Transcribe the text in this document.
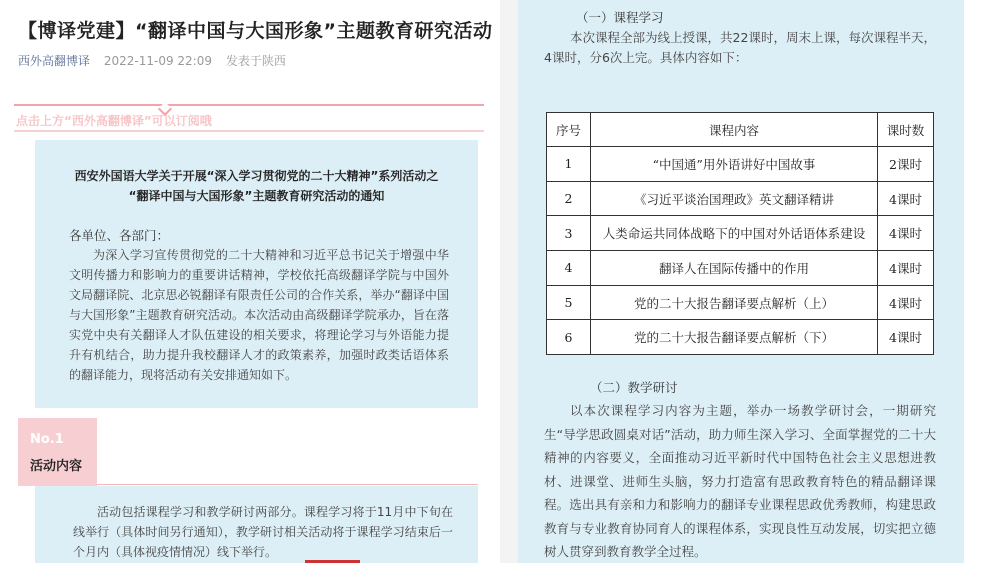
【博译党建】“翻译中国与大国形象”主题教育研究活动
西外高翻博译 2022-11-09 22:09 发表于陕西
点击上方“西外高翻博译”可以订阅哦
西安外国语大学关于开展“深入学习贯彻党的二十大精神”系列活动之
“翻译中国与大国形象”主题教育研究活动的通知
各单位、各部门：
为深入学习宣传贯彻党的二十大精神和习近平总书记关于增强中华文明传播力和影响力的重要讲话精神，学校依托高级翻译学院与中国外文局翻译院、北京思必锐翻译有限责任公司的合作关系，举办“翻译中国与大国形象”主题教育研究活动。本次活动由高级翻译学院承办，旨在落实党中央有关翻译人才队伍建设的相关要求，将理论学习与外语能力提升有机结合，助力提升我校翻译人才的政策素养，加强时政类话语体系的翻译能力，现将活动有关安排通知如下。
No.1
活动内容
活动包括课程学习和教学研讨两部分。课程学习将于11月中下旬在线举行（具体时间另行通知），教学研讨相关活动将于课程学习结束后一个月内（具体视疫情情况）线下举行。
（一）课程学习
本次课程全部为线上授课，共22课时，周末上课，每次课程半天，4课时，分6次上完。具体内容如下：
序号	课程内容	课时数
1	“中国通”用外语讲好中国故事	2课时
2	《习近平谈治国理政》英文翻译精讲	4课时
3	人类命运共同体战略下的中国对外话语体系建设	4课时
4	翻译人在国际传播中的作用	4课时
5	党的二十大报告翻译要点解析（上）	4课时
6	党的二十大报告翻译要点解析（下）	4课时
（二）教学研讨
以本次课程学习内容为主题，举办一场教学研讨会，一期研究生“导学思政圆桌对话”活动，助力师生深入学习、全面掌握党的二十大精神的内容要义，全面推动习近平新时代中国特色社会主义思想进教材、进课堂、进师生头脑，努力打造富有思政教育特色的精品翻译课程。选出具有亲和力和影响力的翻译专业课程思政优秀教师，构建思政教育与专业教育协同育人的课程体系，实现良性互动发展，切实把立德树人贯穿到教育教学全过程。
